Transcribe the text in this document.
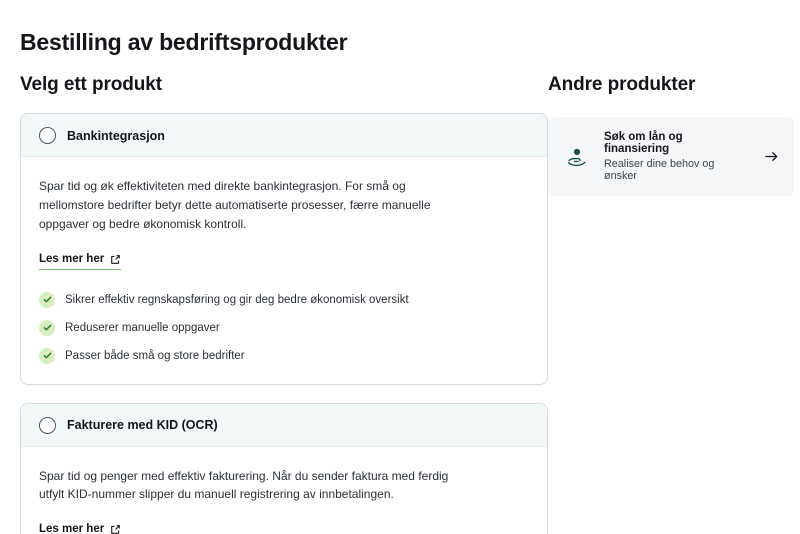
Bestilling av bedriftsprodukter
Velg ett produkt
Bankintegrasjon

Spar tid og øk effektiviteten med direkte bankintegrasjon. For små og mellomstore bedrifter betyr dette automatiserte prosesser, færre manuelle oppgaver og bedre økonomisk kontroll.

Les mer her
Sikrer effektiv regnskapsføring og gir deg bedre økonomisk oversikt
Reduserer manuelle oppgaver
Passer både små og store bedrifter
Fakturere med KID (OCR)

Spar tid og penger med effektiv fakturering. Når du sender faktura med ferdig utfylt KID-nummer slipper du manuell registrering av innbetalingen.

Les mer her
Andre produkter
Søk om lån og finansiering
Realiser dine behov og ønsker
